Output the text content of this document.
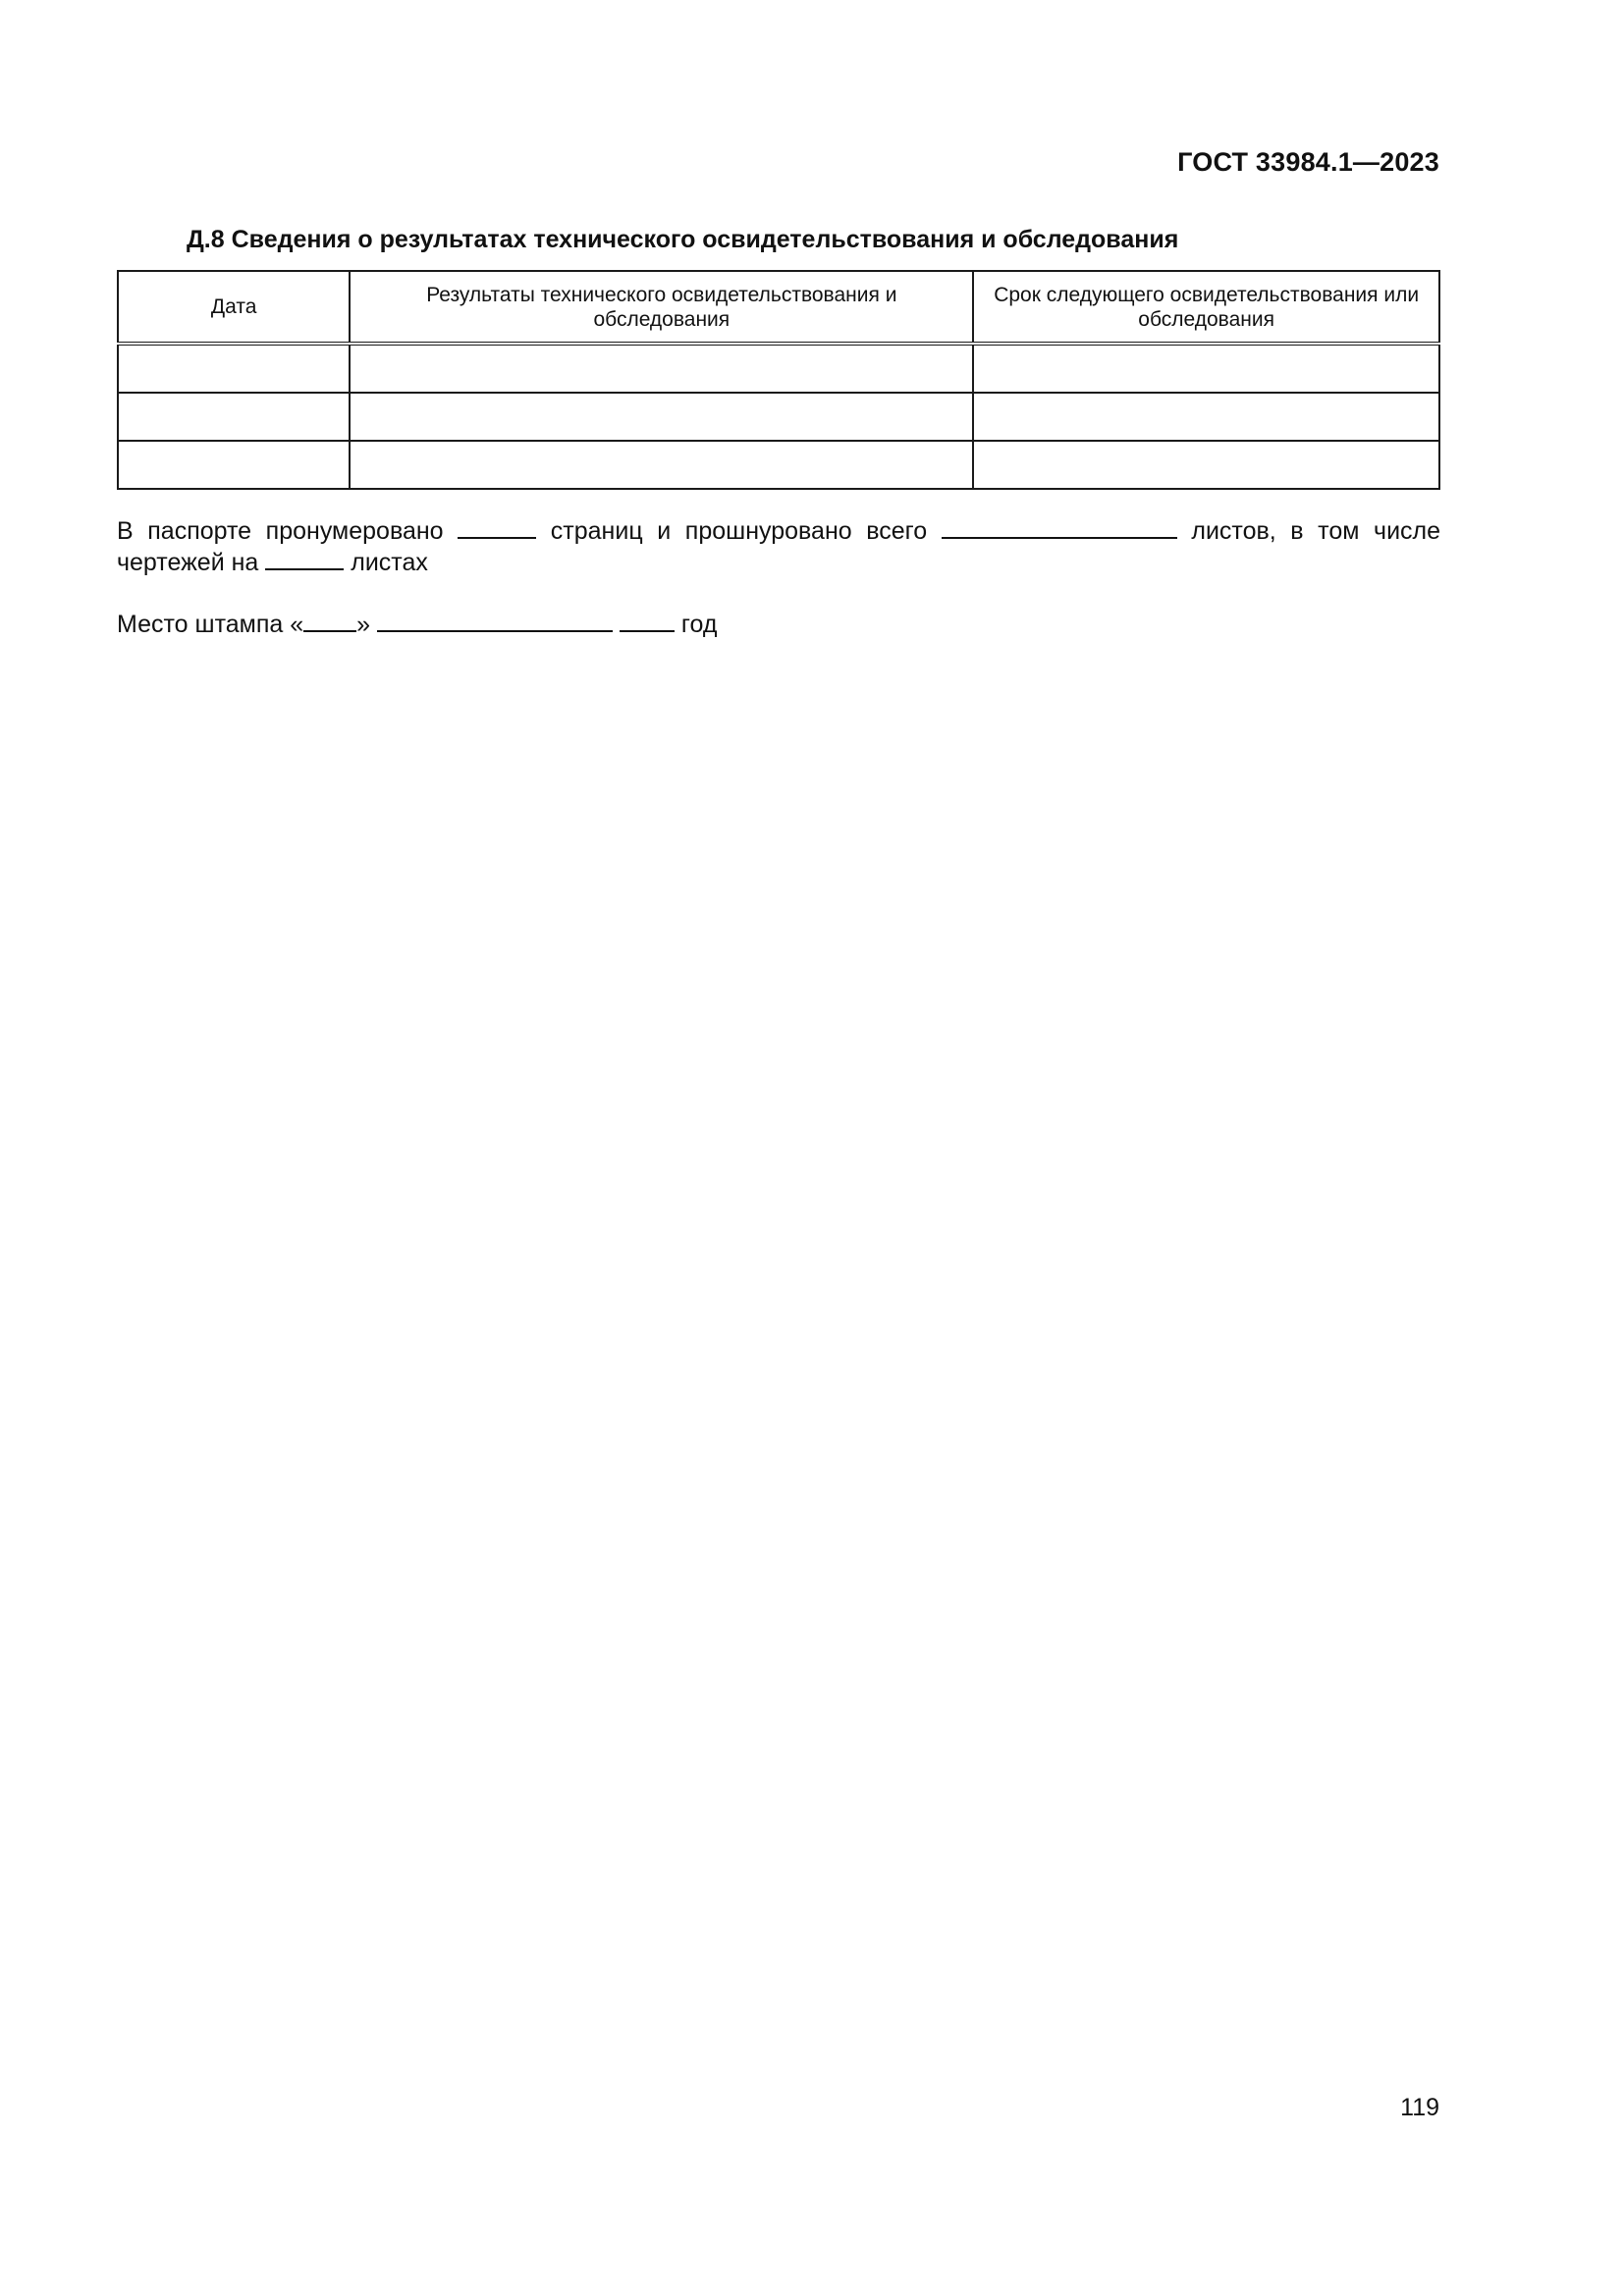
ГОСТ 33984.1—2023
Д.8 Сведения о результатах технического освидетельствования и обследования
Дата	Результаты технического освидетельствования и обследования	Срок следующего освидетельствования или обследования

В паспорте пронумеровано	страниц и прошнуровано всего	листов, в том числе чертежей на	листах
Место штампа « »	год
119
